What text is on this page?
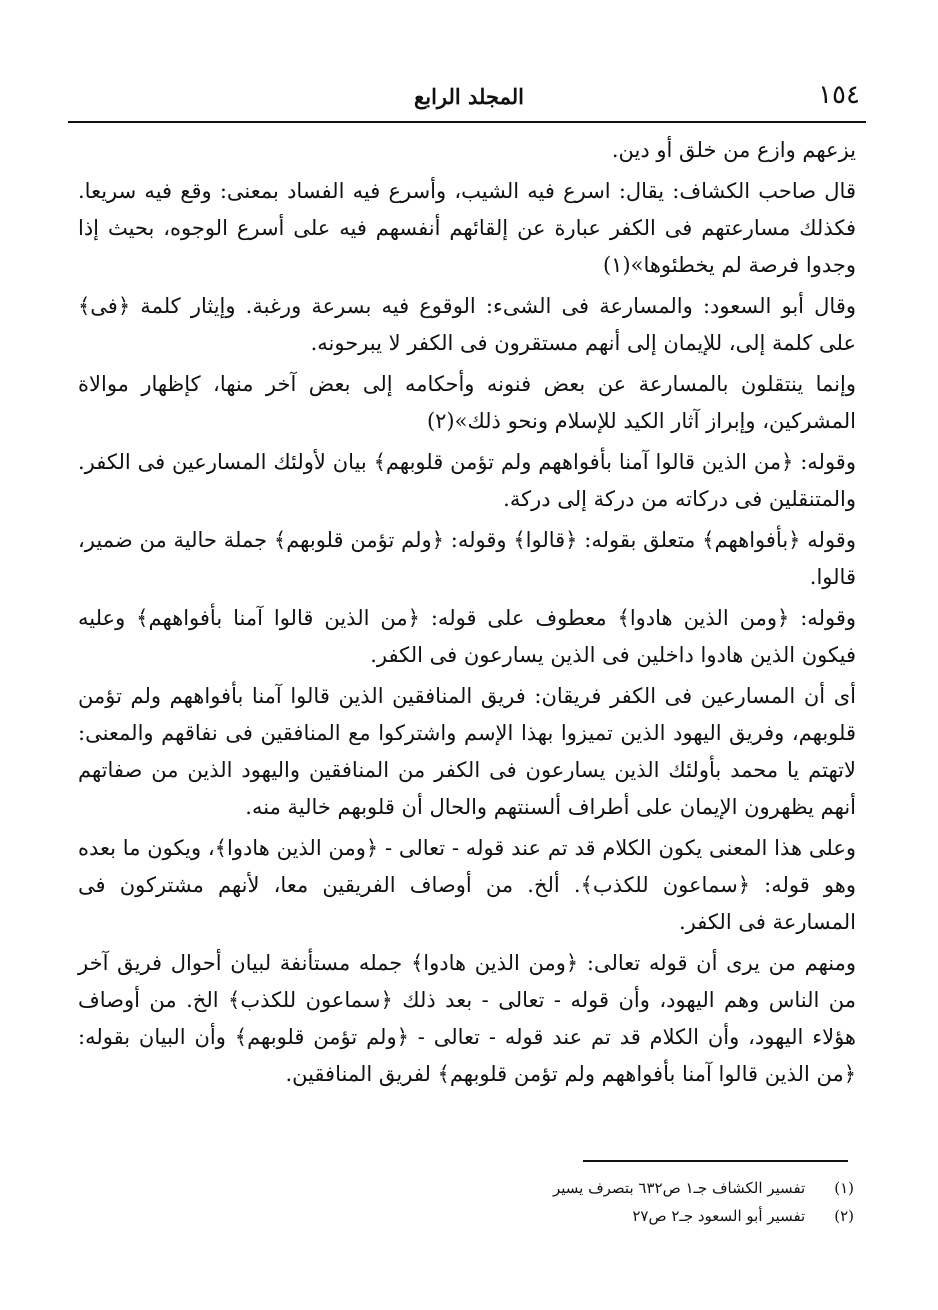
١٥٤
المجلد الرابع

يزعهم وازع من خلق أو دين.

قال صاحب الكشاف: يقال: اسرع فيه الشيب، وأسرع فيه الفساد بمعنى: وقع فيه سريعا. فكذلك مسارعتهم فى الكفر عبارة عن إلقائهم أنفسهم فيه على أسرع الوجوه، بحيث إذا وجدوا فرصة لم يخطئوها»(١)

وقال أبو السعود: والمسارعة فى الشىء: الوقوع فيه بسرعة ورغبة. وإيثار كلمة ﴿فى﴾ على كلمة إلى، للإيمان إلى أنهم مستقرون فى الكفر لا يبرحونه.

وإنما ينتقلون بالمسارعة عن بعض فنونه وأحكامه إلى بعض آخر منها، كإظهار موالاة المشركين، وإبراز آثار الكيد للإسلام ونحو ذلك»(٢)

وقوله: ﴿من الذين قالوا آمنا بأفواههم ولم تؤمن قلوبهم﴾ بيان لأولئك المسارعين فى الكفر. والمتنقلين فى دركاته من دركة إلى دركة.

وقوله ﴿بأفواههم﴾ متعلق بقوله: ﴿قالوا﴾ وقوله: ﴿ولم تؤمن قلوبهم﴾ جملة حالية من ضمير، قالوا.

وقوله: ﴿ومن الذين هادوا﴾ معطوف على قوله: ﴿من الذين قالوا آمنا بأفواههم﴾ وعليه فيكون الذين هادوا داخلين فى الذين يسارعون فى الكفر.

أى أن المسارعين فى الكفر فريقان: فريق المنافقين الذين قالوا آمنا بأفواههم ولم تؤمن قلوبهم، وفريق اليهود الذين تميزوا بهذا الإسم واشتركوا مع المنافقين فى نفاقهم والمعنى: لاتهتم يا محمد بأولئك الذين يسارعون فى الكفر من المنافقين واليهود الذين من صفاتهم أنهم يظهرون الإيمان على أطراف ألسنتهم والحال أن قلوبهم خالية منه.

وعلى هذا المعنى يكون الكلام قد تم عند قوله - تعالى - ﴿ومن الذين هادوا﴾، ويكون ما بعده وهو قوله: ﴿سماعون للكذب﴾. ألخ. من أوصاف الفريقين معا، لأنهم مشتركون فى المسارعة فى الكفر.

ومنهم من يرى أن قوله تعالى: ﴿ومن الذين هادوا﴾ جمله مستأنفة لبيان أحوال فريق آخر من الناس وهم اليهود، وأن قوله - تعالى - بعد ذلك ﴿سماعون للكذب﴾ الخ. من أوصاف هؤلاء اليهود، وأن الكلام قد تم عند قوله - تعالى - ﴿ولم تؤمن قلوبهم﴾ وأن البيان بقوله: ﴿من الذين قالوا آمنا بأفواههم ولم تؤمن قلوبهم﴾ لفريق المنافقين.

(١) تفسير الكشاف جـ١ ص٦٣٢ بتصرف يسير
(٢) تفسير أبو السعود جـ٢ ص٢٧
